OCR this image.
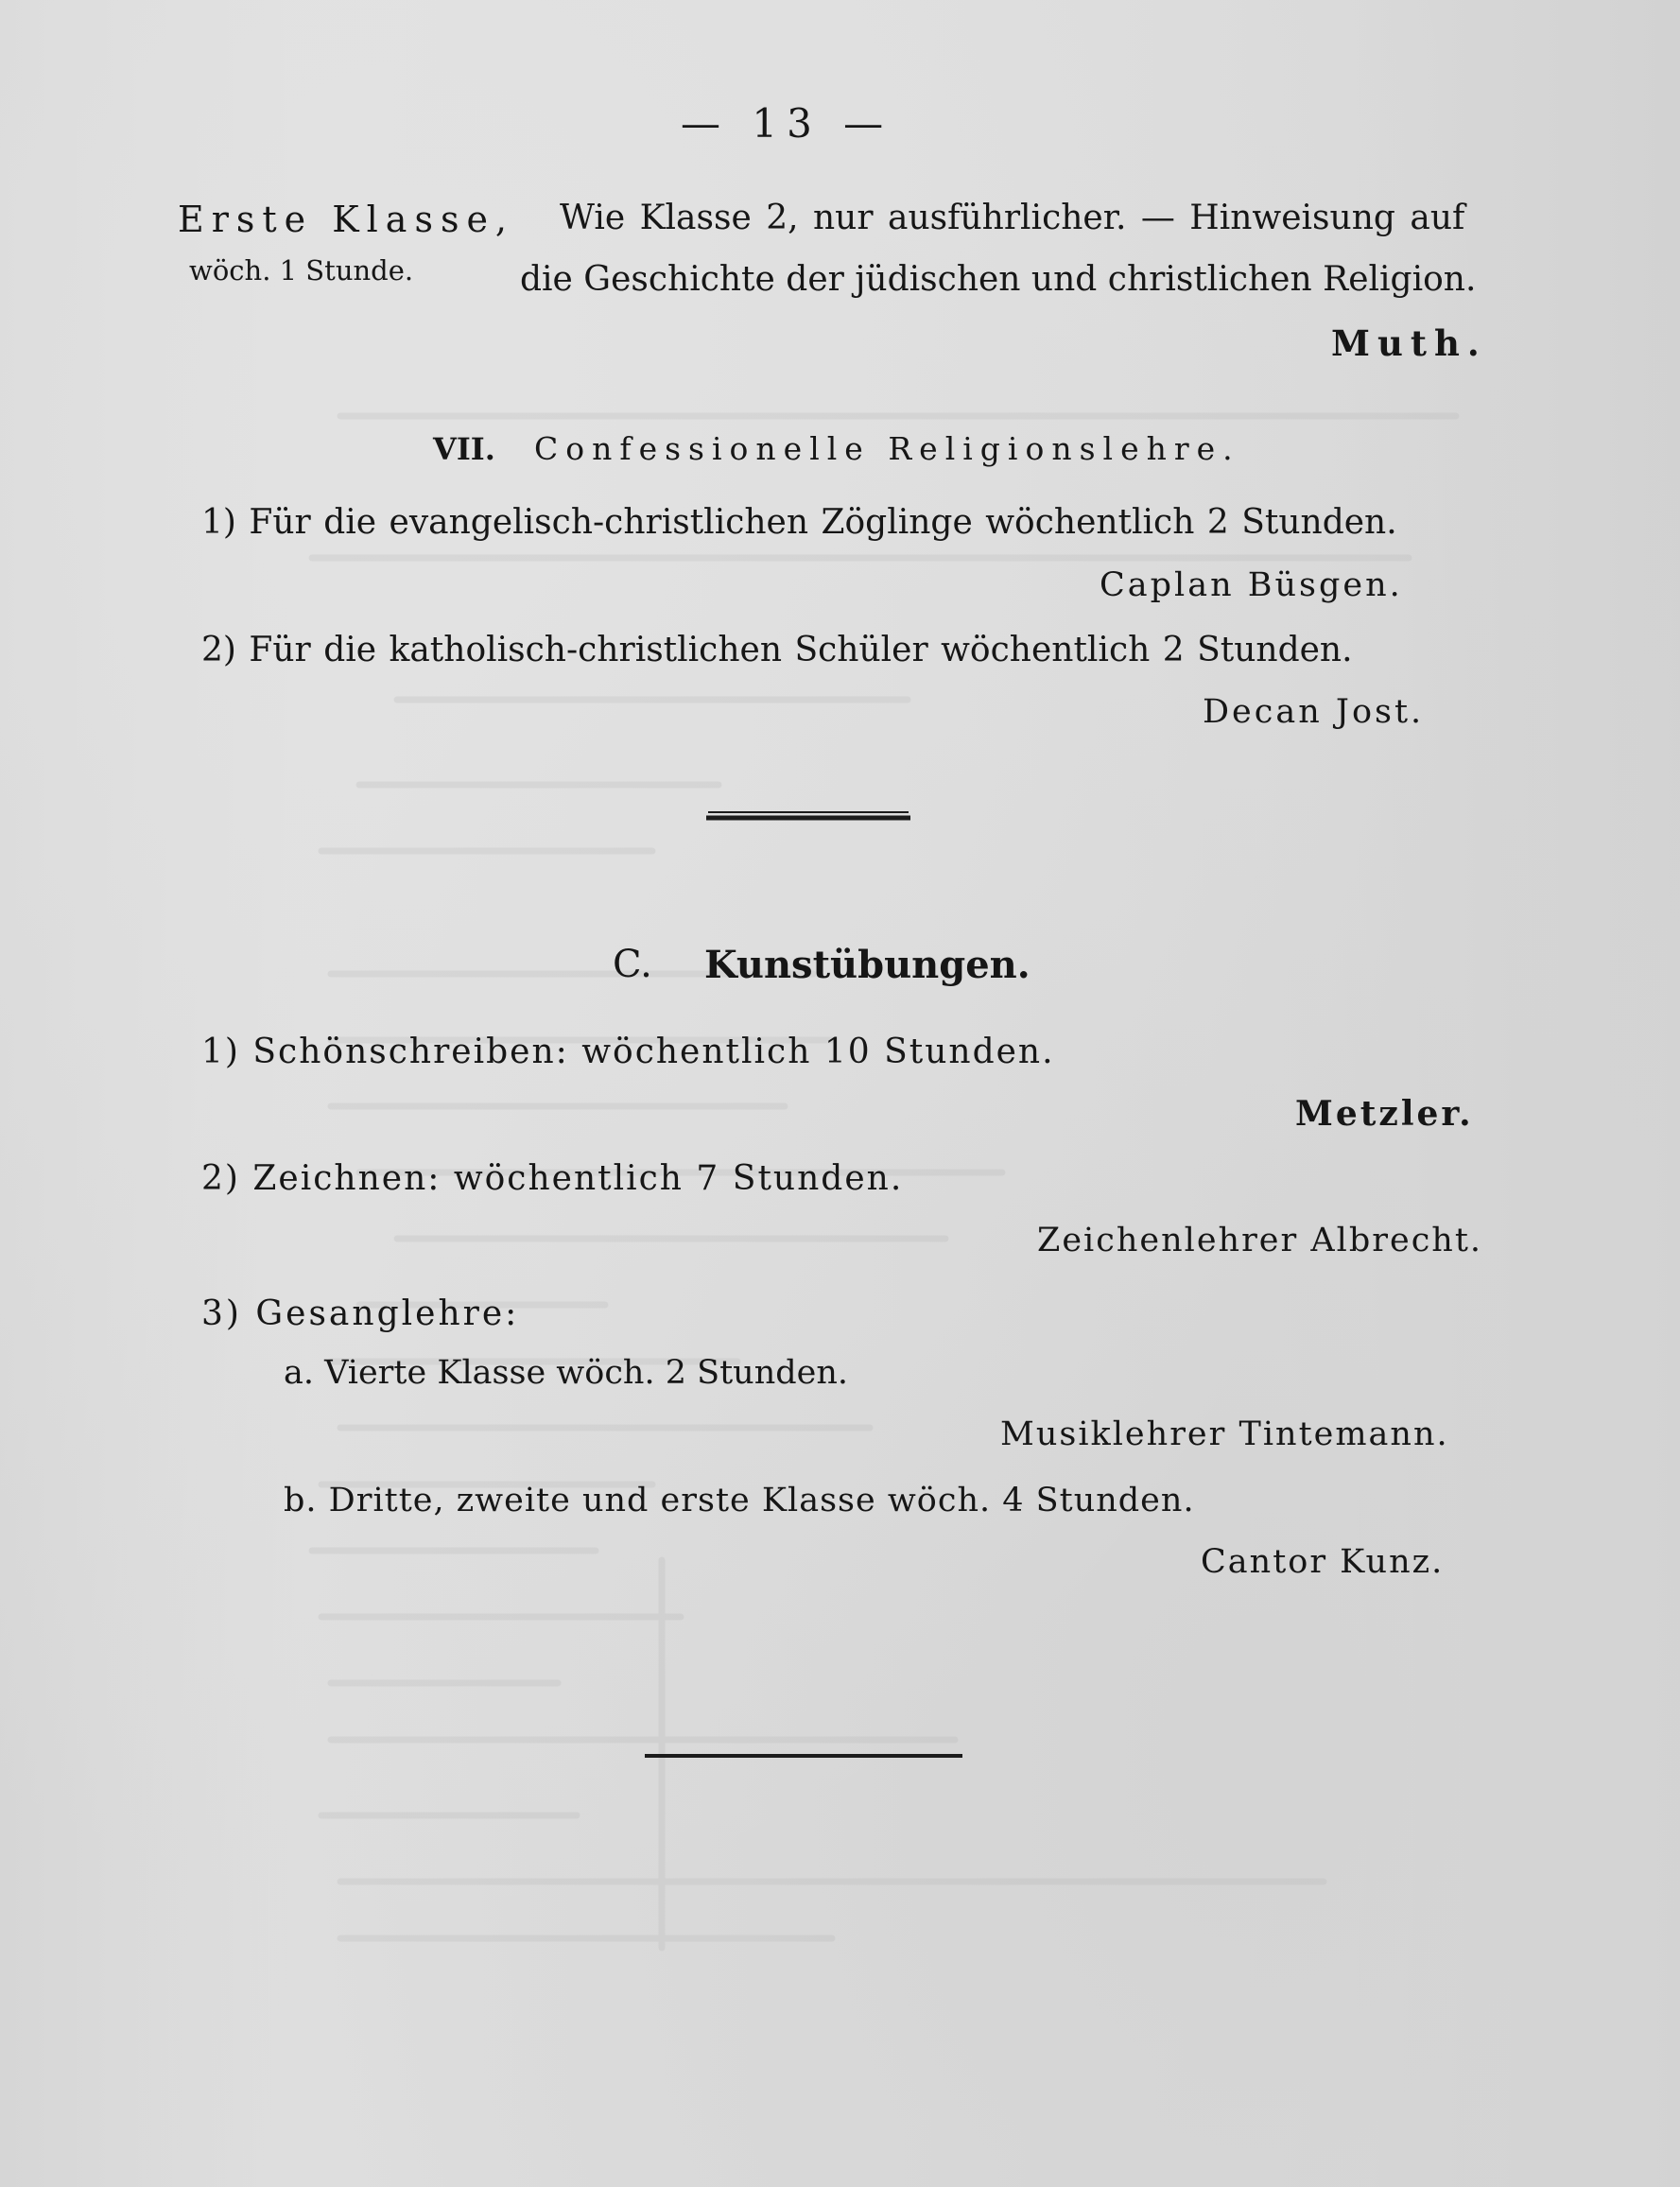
— 13 —
Erste Klasse,
wöch. 1 Stunde.
Wie Klasse 2, nur ausführlicher. — Hinweisung auf
die Geschichte der jüdischen und christlichen Religion.
Muth.
VII. Confessionelle Religionslehre.
1) Für die evangelisch-christlichen Zöglinge wöchentlich 2 Stunden.
Caplan Büsgen.
2) Für die katholisch-christlichen Schüler wöchentlich 2 Stunden.
Decan Jost.
C. Kunstübungen.
1) Schönschreiben: wöchentlich 10 Stunden.
Metzler.
2) Zeichnen: wöchentlich 7 Stunden.
Zeichenlehrer Albrecht.
3) Gesanglehre:
a. Vierte Klasse wöch. 2 Stunden.
Musiklehrer Tintemann.
b. Dritte, zweite und erste Klasse wöch. 4 Stunden.
Cantor Kunz.
